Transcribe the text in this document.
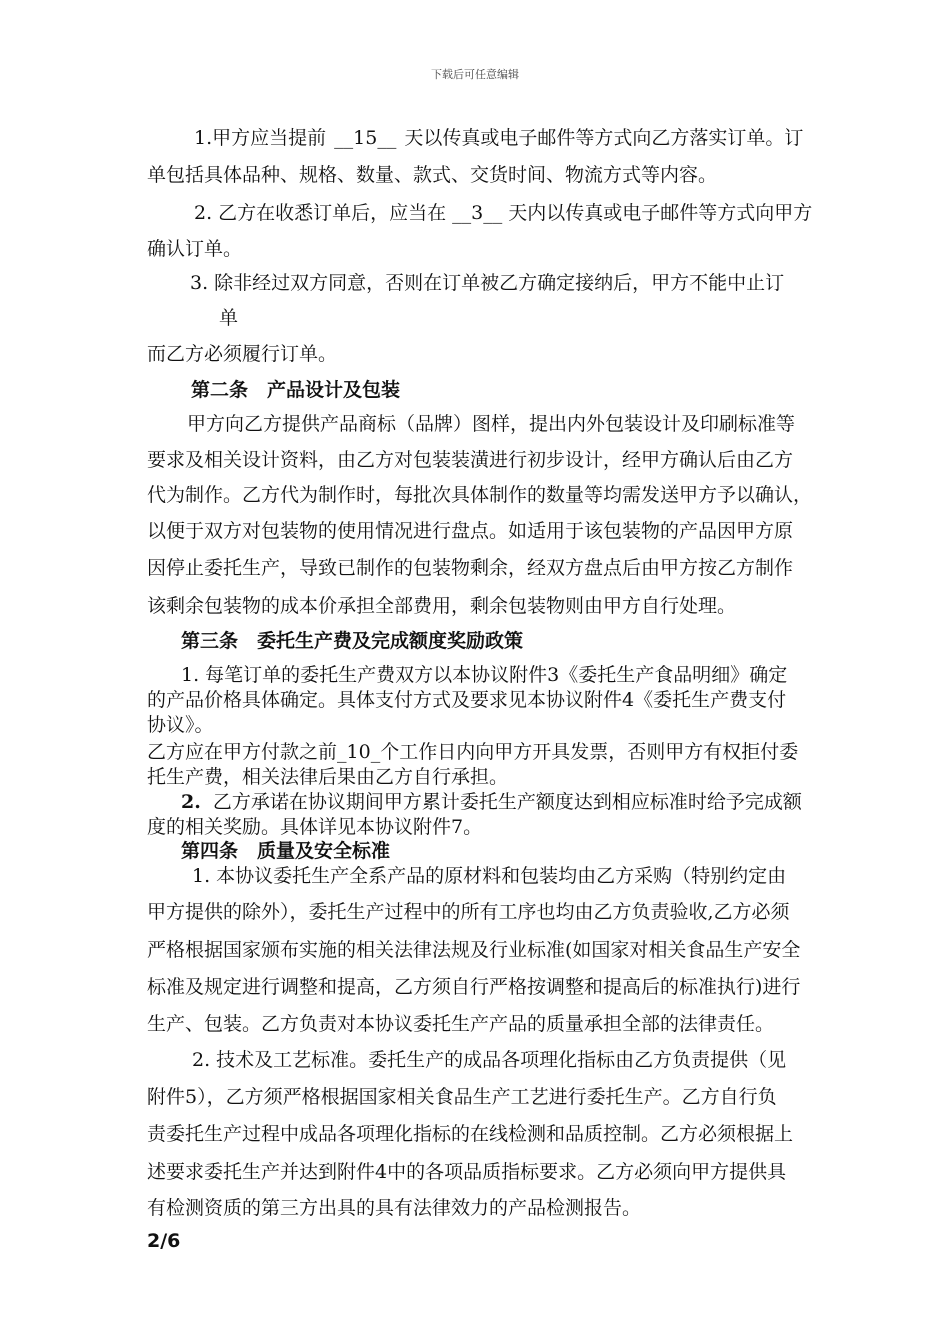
下载后可任意编辑
1.甲方应当提前 __15__ 天以传真或电子邮件等方式向乙方落实订单。订
单包括具体品种、规格、数量、款式、交货时间、物流方式等内容。
2. 乙方在收悉订单后，应当在 __3__ 天内以传真或电子邮件等方式向甲方
确认订单。
3. 除非经过双方同意，否则在订单被乙方确定接纳后，甲方不能中止订
单
而乙方必须履行订单。
第二条　产品设计及包装
甲方向乙方提供产品商标（品牌）图样，提出内外包装设计及印刷标准等
要求及相关设计资料，由乙方对包装装潢进行初步设计，经甲方确认后由乙方
代为制作。乙方代为制作时，每批次具体制作的数量等均需发送甲方予以确认，
以便于双方对包装物的使用情况进行盘点。如适用于该包装物的产品因甲方原
因停止委托生产，导致已制作的包装物剩余，经双方盘点后由甲方按乙方制作
该剩余包装物的成本价承担全部费用，剩余包装物则由甲方自行处理。
第三条　委托生产费及完成额度奖励政策
1. 每笔订单的委托生产费双方以本协议附件3《委托生产食品明细》确定
的产品价格具体确定。具体支付方式及要求见本协议附件4《委托生产费支付
协议》。
乙方应在甲方付款之前_10_个工作日内向甲方开具发票，否则甲方有权拒付委
托生产费，相关法律后果由乙方自行承担。
2. 乙方承诺在协议期间甲方累计委托生产额度达到相应标准时给予完成额
度的相关奖励。具体详见本协议附件7。
第四条　质量及安全标准
1. 本协议委托生产全系产品的原材料和包装均由乙方采购（特别约定由
甲方提供的除外），委托生产过程中的所有工序也均由乙方负责验收,乙方必须
严格根据国家颁布实施的相关法律法规及行业标准(如国家对相关食品生产安全
标准及规定进行调整和提高，乙方须自行严格按调整和提高后的标准执行)进行
生产、包装。乙方负责对本协议委托生产产品的质量承担全部的法律责任。
2. 技术及工艺标准。委托生产的成品各项理化指标由乙方负责提供（见
附件5），乙方须严格根据国家相关食品生产工艺进行委托生产。乙方自行负
责委托生产过程中成品各项理化指标的在线检测和品质控制。乙方必须根据上
述要求委托生产并达到附件4中的各项品质指标要求。乙方必须向甲方提供具
有检测资质的第三方出具的具有法律效力的产品检测报告。
2/6
